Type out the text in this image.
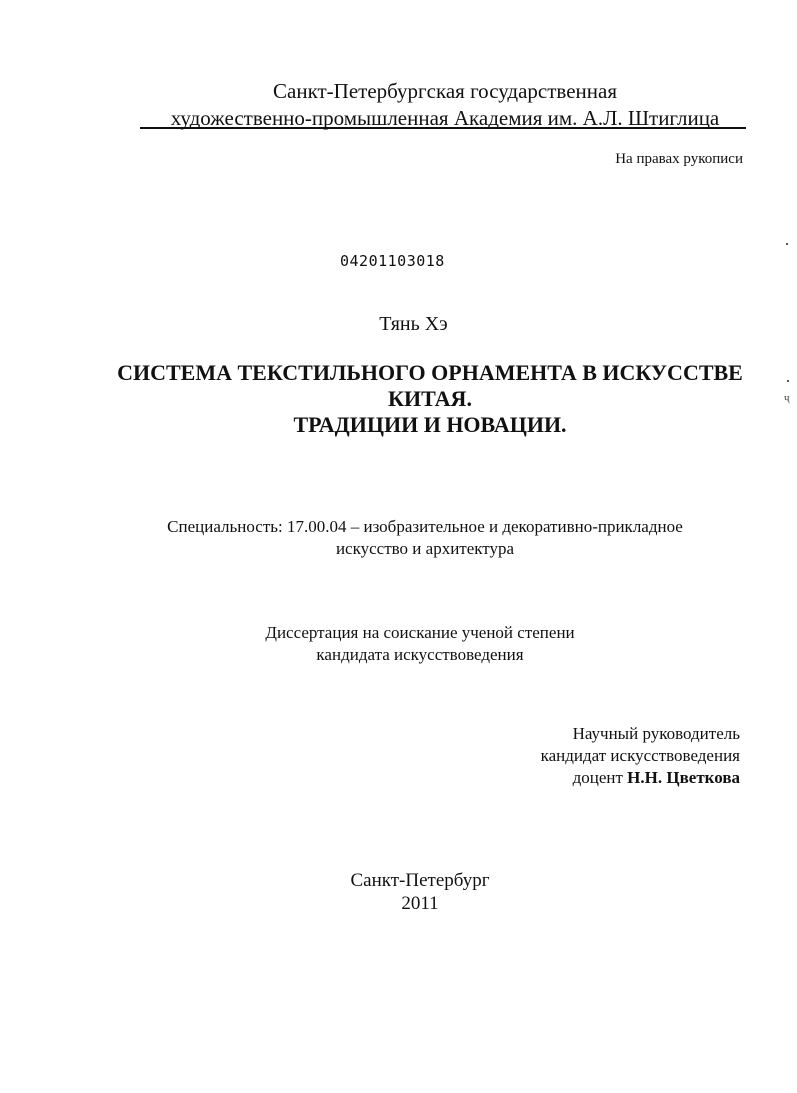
Санкт-Петербургская государственная
художественно-промышленная Академия им. А.Л. Штиглица
На правах рукописи
04201103018
Тянь Хэ
СИСТЕМА ТЕКСТИЛЬНОГО ОРНАМЕНТА В ИСКУССТВЕ
КИТАЯ.
ТРАДИЦИИ И НОВАЦИИ.
Специальность: 17.00.04 – изобразительное и декоративно-прикладное
искусство и архитектура
Диссертация на соискание ученой степени
кандидата искусствоведения
Научный руководитель
кандидат искусствоведения
доцент Н.Н. Цветкова
Санкт-Петербург
2011
ҷ
